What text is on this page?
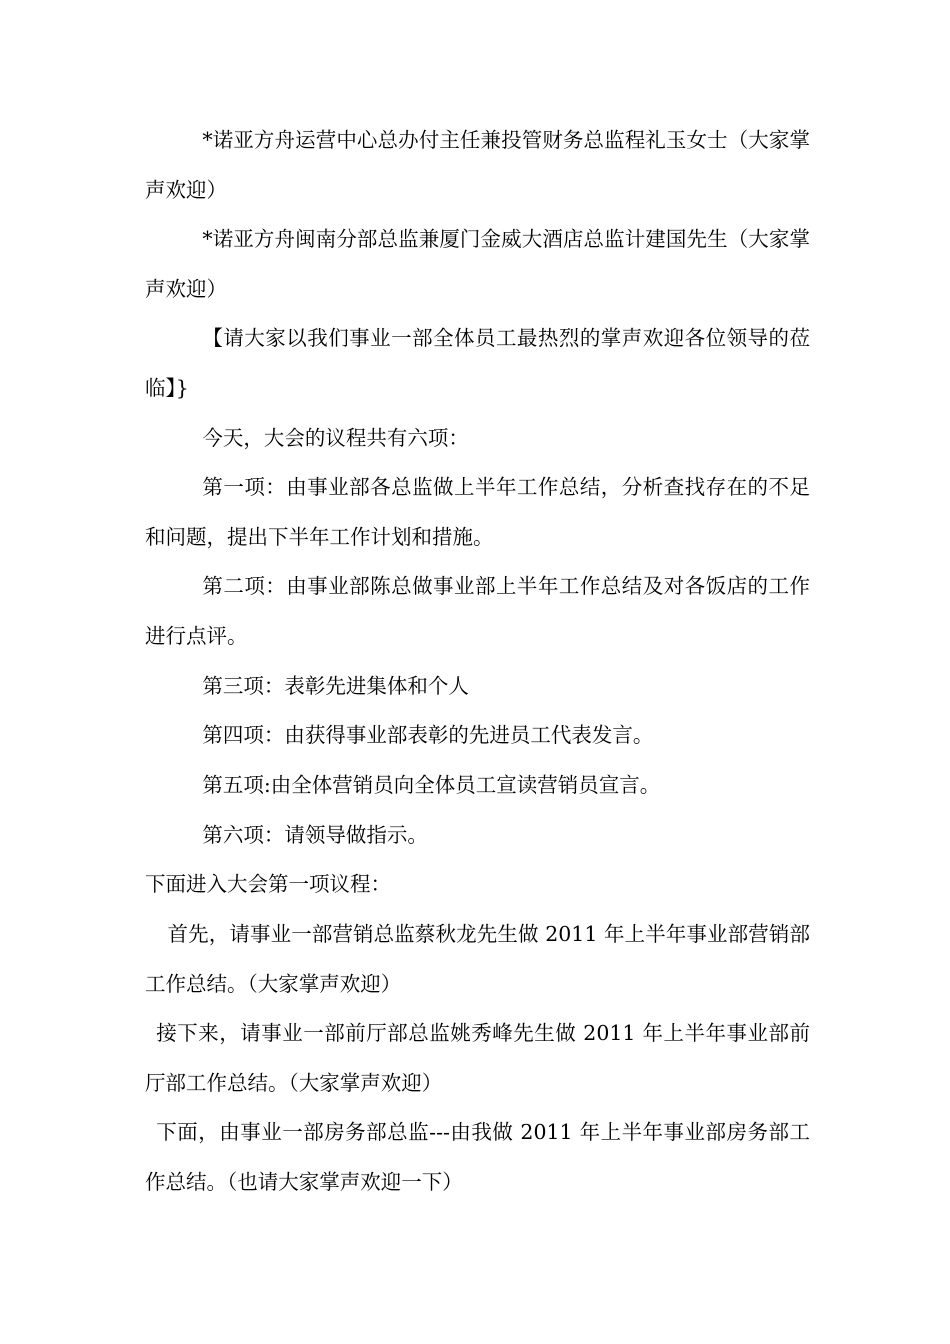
*诺亚方舟运营中心总办付主任兼投管财务总监程礼玉女士（大家掌声欢迎）

*诺亚方舟闽南分部总监兼厦门金威大酒店总监计建国先生（大家掌声欢迎）

【请大家以我们事业一部全体员工最热烈的掌声欢迎各位领导的莅临】}

今天，大会的议程共有六项：

第一项：由事业部各总监做上半年工作总结，分析查找存在的不足和问题，提出下半年工作计划和措施。

第二项：由事业部陈总做事业部上半年工作总结及对各饭店的工作进行点评。

第三项：表彰先进集体和个人

第四项：由获得事业部表彰的先进员工代表发言。

第五项:由全体营销员向全体员工宣读营销员宣言。

第六项：请领导做指示。

下面进入大会第一项议程：

首先，请事业一部营销总监蔡秋龙先生做 2011 年上半年事业部营销部工作总结。（大家掌声欢迎）

接下来，请事业一部前厅部总监姚秀峰先生做 2011 年上半年事业部前厅部工作总结。（大家掌声欢迎）

下面，由事业一部房务部总监---由我做 2011 年上半年事业部房务部工作总结。（也请大家掌声欢迎一下）
